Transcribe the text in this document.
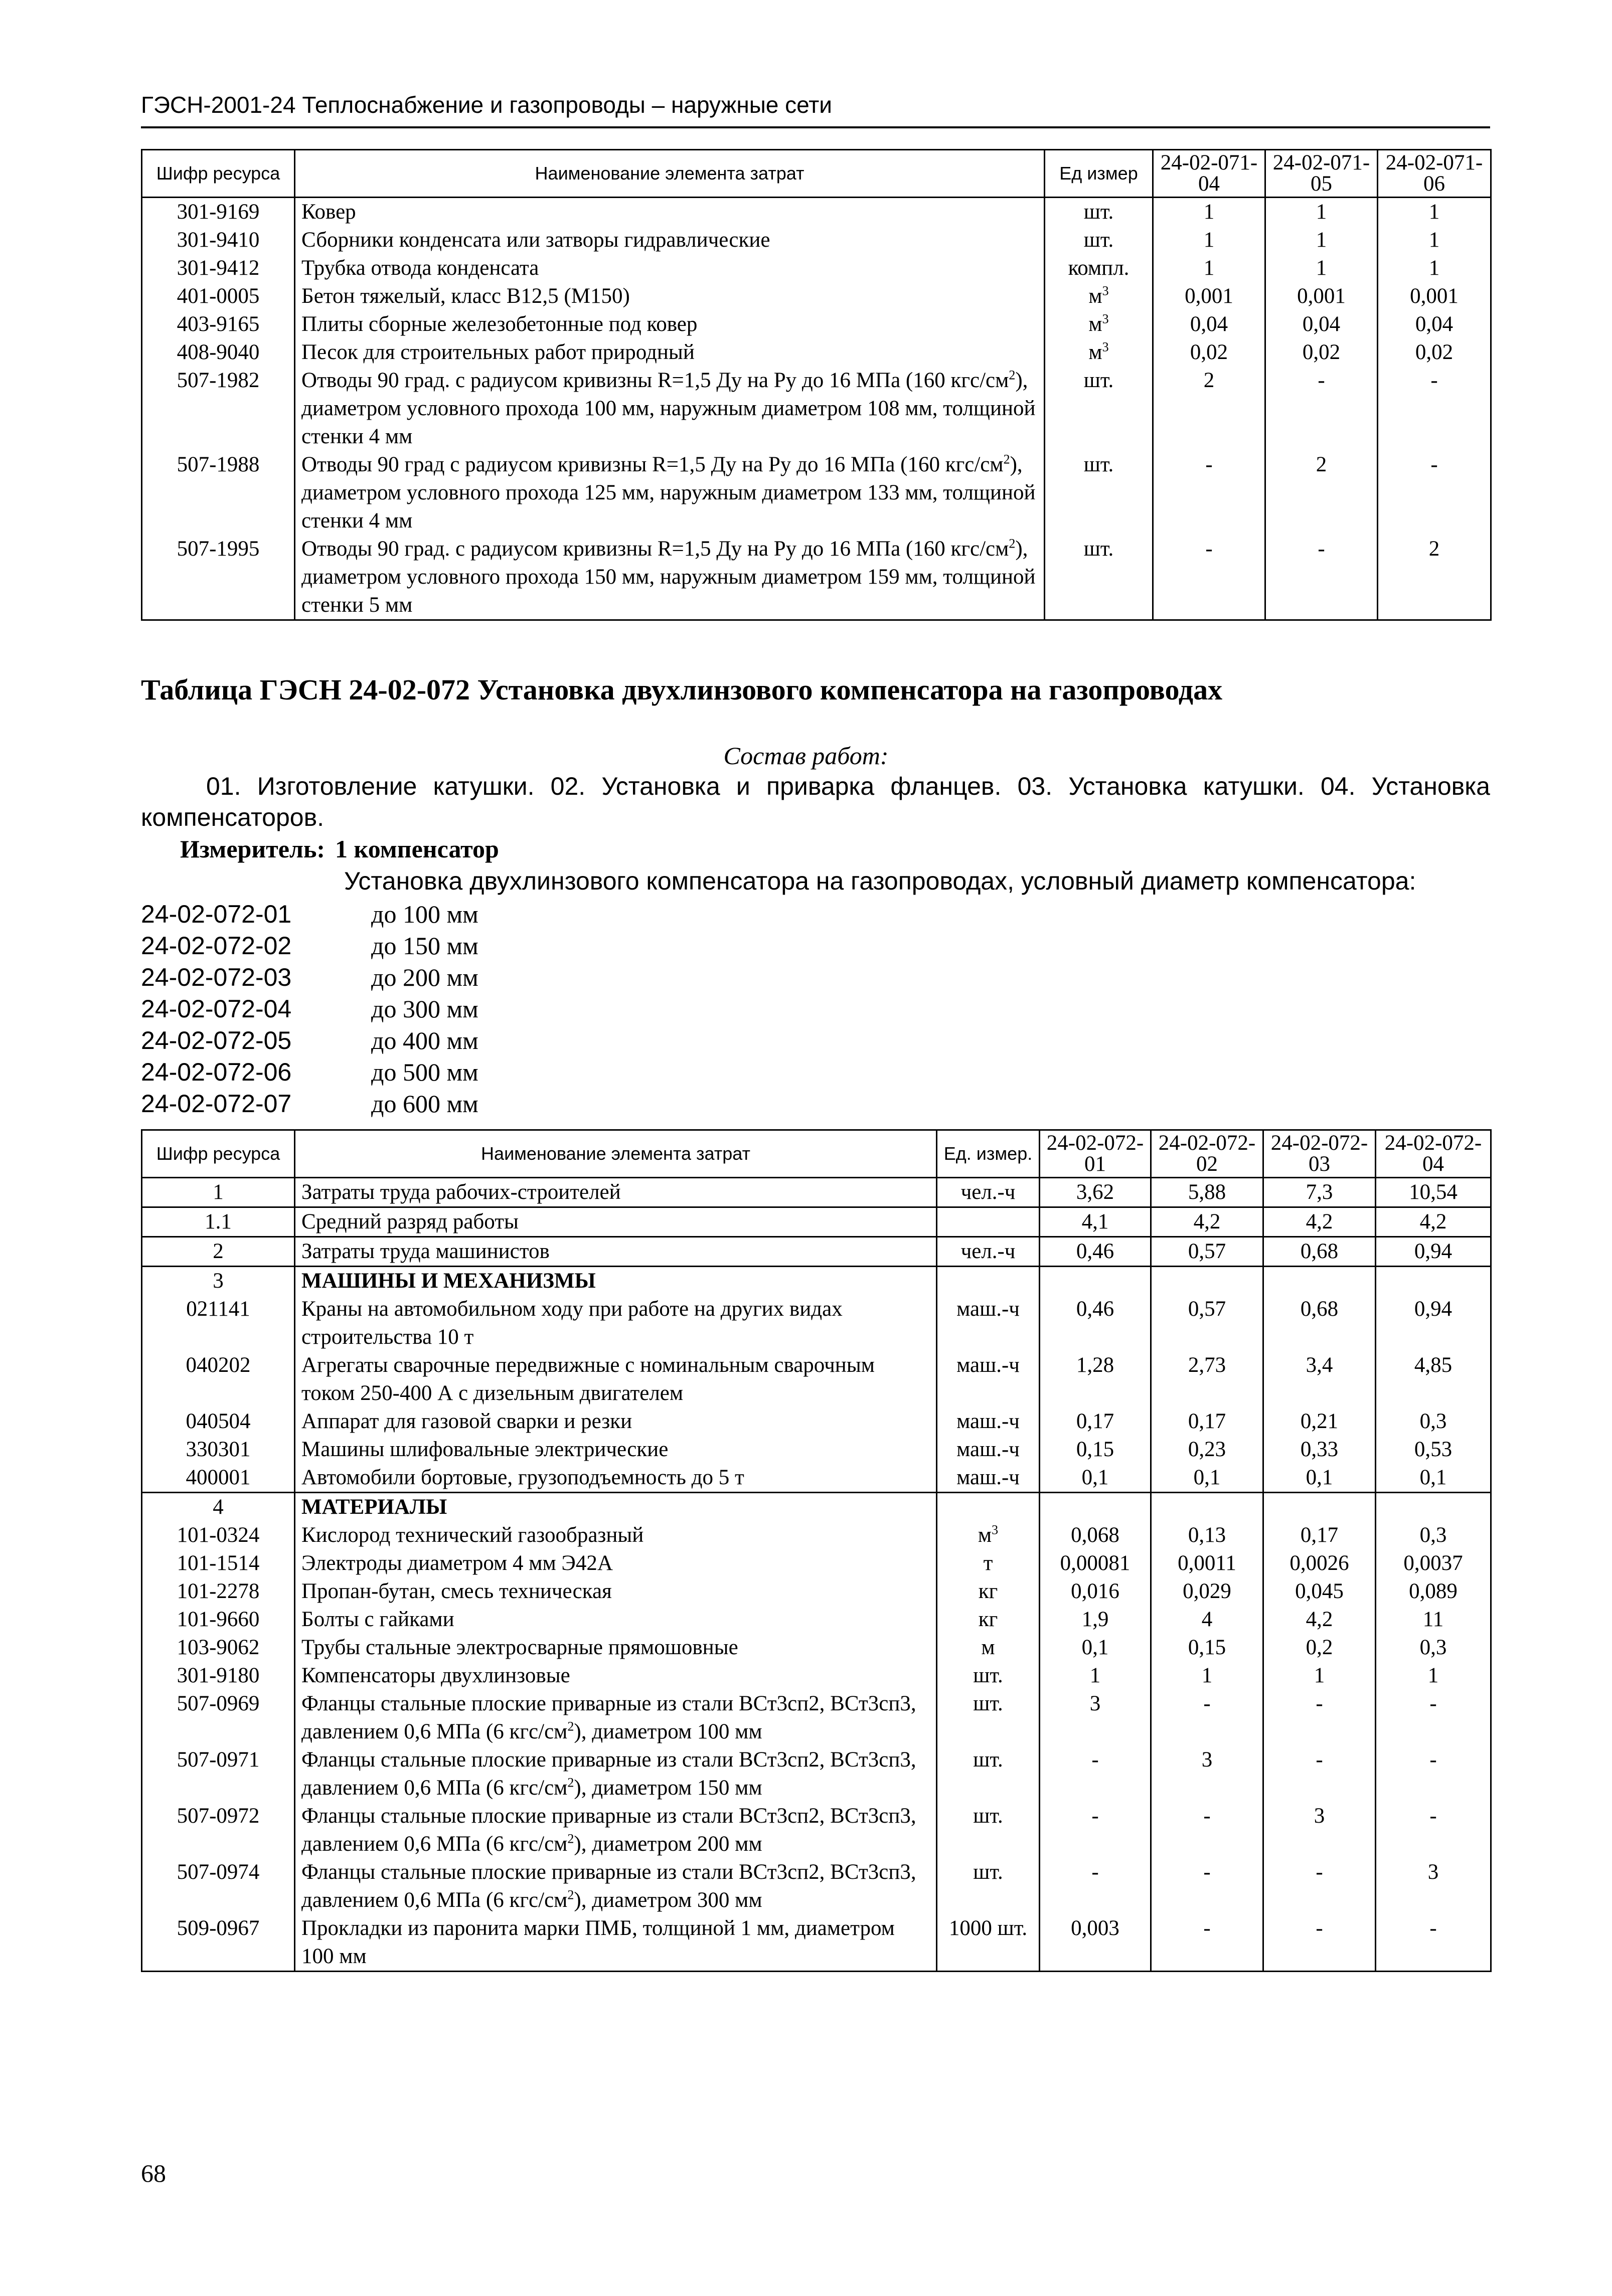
ГЭСН-2001-24 Теплоснабжение и газопроводы – наружные сети
Шифр ресурса	Наименование элемента затрат	Ед измер	24-02-071-04	24-02-071-05	24-02-071-06
301-9169	Ковер	шт.	1	1	1
301-9410	Сборники конденсата или затворы гидравлические	шт.	1	1	1
301-9412	Трубка отвода конденсата	компл.	1	1	1
401-0005	Бетон тяжелый, класс В12,5 (М150)	$м^3$	0,001	0,001	0,001
403-9165	Плиты сборные железобетонные под ковер	$м^3$	0,04	0,04	0,04
408-9040	Песок для строительных работ природный	$м^3$	0,02	0,02	0,02
507-1982	Отводы 90 град. с радиусом кривизны R=1,5 Ду на Ру до 16 МПа (160 кгс/$см^2$), диаметром условного прохода 100 мм, наружным диаметром 108 мм, толщиной стенки 4 мм	шт.	2	-	-
507-1988	Отводы 90 град с радиусом кривизны R=1,5 Ду на Ру до 16 МПа (160 кгс/$см^2$), диаметром условного прохода 125 мм, наружным диаметром 133 мм, толщиной стенки 4 мм	шт.	-	2	-
507-1995	Отводы 90 град. с радиусом кривизны R=1,5 Ду на Ру до 16 МПа (160 кгс/$см^2$), диаметром условного прохода 150 мм, наружным диаметром 159 мм, толщиной стенки 5 мм	шт.	-	-	2
Таблица ГЭСН 24-02-072 Установка двухлинзового компенсатора на газопроводах
Состав работ:
01. Изготовление катушки. 02. Установка и приварка фланцев. 03. Установка катушки. 04. Установка компенсаторов.
Измеритель: 1 компенсатор
Установка двухлинзового компенсатора на газопроводах, условный диаметр компенсатора:
24-02-072-01	до 100 мм
24-02-072-02	до 150 мм
24-02-072-03	до 200 мм
24-02-072-04	до 300 мм
24-02-072-05	до 400 мм
24-02-072-06	до 500 мм
24-02-072-07	до 600 мм
Шифр ресурса	Наименование элемента затрат	Ед. измер.	24-02-072-01	24-02-072-02	24-02-072-03	24-02-072-04
1	Затраты труда рабочих-строителей	чел.-ч	3,62	5,88	7,3	10,54
1.1	Средний разряд работы		4,1	4,2	4,2	4,2
2	Затраты труда машинистов	чел.-ч	0,46	0,57	0,68	0,94
3	МАШИНЫ И МЕХАНИЗМЫ					
021141	Краны на автомобильном ходу при работе на других видах строительства 10 т	маш.-ч	0,46	0,57	0,68	0,94
040202	Агрегаты сварочные передвижные с номинальным сварочным током 250-400 А с дизельным двигателем	маш.-ч	1,28	2,73	3,4	4,85
040504	Аппарат для газовой сварки и резки	маш.-ч	0,17	0,17	0,21	0,3
330301	Машины шлифовальные электрические	маш.-ч	0,15	0,23	0,33	0,53
400001	Автомобили бортовые, грузоподъемность до 5 т	маш.-ч	0,1	0,1	0,1	0,1
4	МАТЕРИАЛЫ					
101-0324	Кислород технический газообразный	$м^3$	0,068	0,13	0,17	0,3
101-1514	Электроды диаметром 4 мм Э42А	т	0,00081	0,0011	0,0026	0,0037
101-2278	Пропан-бутан, смесь техническая	кг	0,016	0,029	0,045	0,089
101-9660	Болты с гайками	кг	1,9	4	4,2	11
103-9062	Трубы стальные электросварные прямошовные	м	0,1	0,15	0,2	0,3
301-9180	Компенсаторы двухлинзовые	шт.	1	1	1	1
507-0969	Фланцы стальные плоские приварные из стали ВСт3сп2, ВСт3сп3, давлением 0,6 МПа (6 кгс/$см^2$), диаметром 100 мм	шт.	3	-	-	-
507-0971	Фланцы стальные плоские приварные из стали ВСт3сп2, ВСт3сп3, давлением 0,6 МПа (6 кгс/$см^2$), диаметром 150 мм	шт.	-	3	-	-
507-0972	Фланцы стальные плоские приварные из стали ВСт3сп2, ВСт3сп3, давлением 0,6 МПа (6 кгс/$см^2$), диаметром 200 мм	шт.	-	-	3	-
507-0974	Фланцы стальные плоские приварные из стали ВСт3сп2, ВСт3сп3, давлением 0,6 МПа (6 кгс/$см^2$), диаметром 300 мм	шт.	-	-	-	3
509-0967	Прокладки из паронита марки ПМБ, толщиной 1 мм, диаметром 100 мм	1000 шт.	0,003	-	-	-
68
